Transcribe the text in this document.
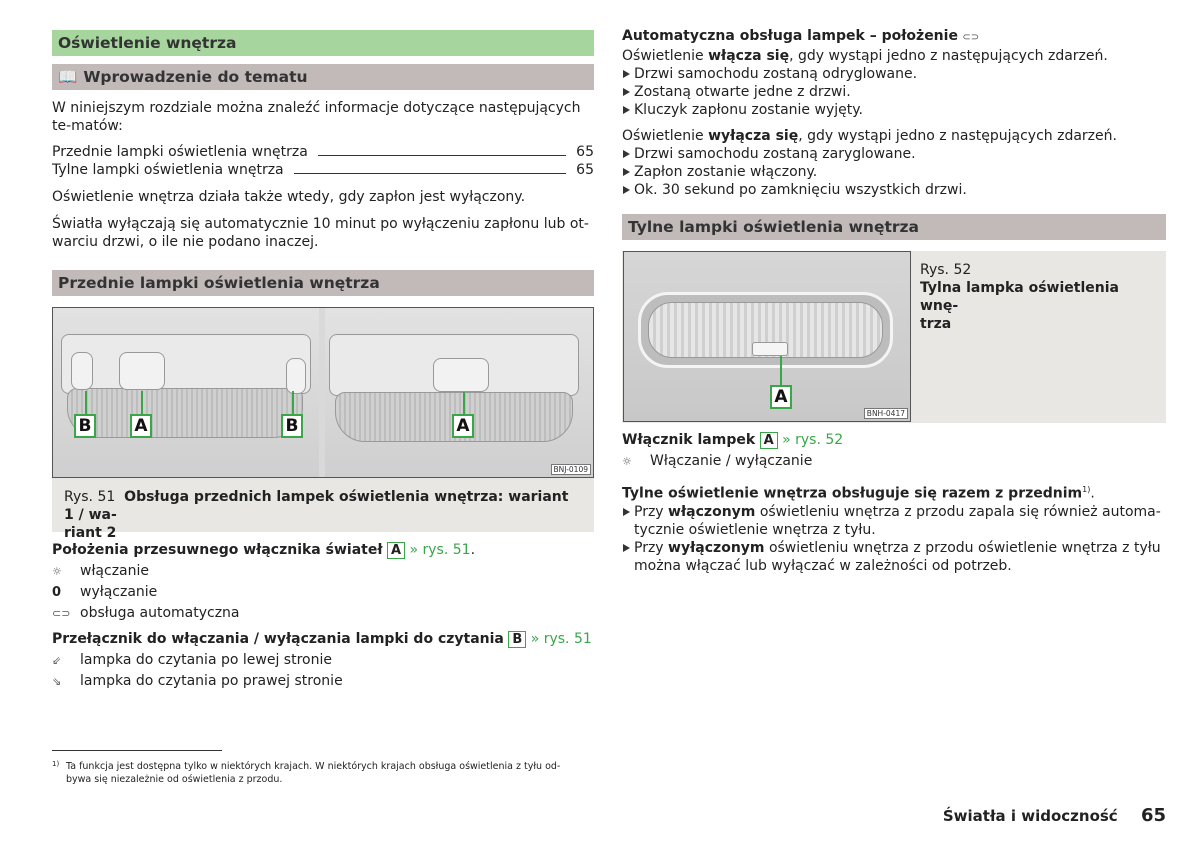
Oświetlenie wnętrza
📖 Wprowadzenie do tematu
W niniejszym rozdziale można znaleźć informacje dotyczące następujących te-matów:
Przednie lampki oświetlenia wnętrza	65
Tylne lampki oświetlenia wnętrza	65
Oświetlenie wnętrza działa także wtedy, gdy zapłon jest wyłączony.
Światła wyłączają się automatycznie 10 minut po wyłączeniu zapłonu lub ot-
warciu drzwi, o ile nie podano inaczej.
Przednie lampki oświetlenia wnętrza
B	A	B	A
BNJ-0109
Rys. 51 Obsługa przednich lampek oświetlenia wnętrza: wariant 1 / wa-
riant 2
Położenia przesuwnego włącznika świateł A » rys. 51.
☼ włączanie
0 wyłączanie
⊂⊃ obsługa automatyczna
Przełącznik do włączania / wyłączania lampki do czytania B » rys. 51
⇙ lampka do czytania po lewej stronie
⇘ lampka do czytania po prawej stronie
1) Ta funkcja jest dostępna tylko w niektórych krajach. W niektórych krajach obsługa oświetlenia z tyłu od-
bywa się niezależnie od oświetlenia z przodu.
Automatyczna obsługa lampek – położenie ⊂⊃
Oświetlenie włącza się, gdy wystąpi jedno z następujących zdarzeń.
Drzwi samochodu zostaną odryglowane.
Zostaną otwarte jedne z drzwi.
Kluczyk zapłonu zostanie wyjęty.
Oświetlenie wyłącza się, gdy wystąpi jedno z następujących zdarzeń.
Drzwi samochodu zostaną zaryglowane.
Zapłon zostanie włączony.
Ok. 30 sekund po zamknięciu wszystkich drzwi.
Tylne lampki oświetlenia wnętrza
A
BNH-0417
Rys. 52
Tylna lampka oświetlenia wnę-
trza
Włącznik lampek A » rys. 52
☼ Włączanie / wyłączanie
Tylne oświetlenie wnętrza obsługuje się razem z przednim$^{1)}$.
Przy włączonym oświetleniu wnętrza z przodu zapala się również automa-
tycznie oświetlenie wnętrza z tyłu.
Przy wyłączonym oświetleniu wnętrza z przodu oświetlenie wnętrza z tyłu
można włączać lub wyłączać w zależności od potrzeb.
Światła i widoczność 65
